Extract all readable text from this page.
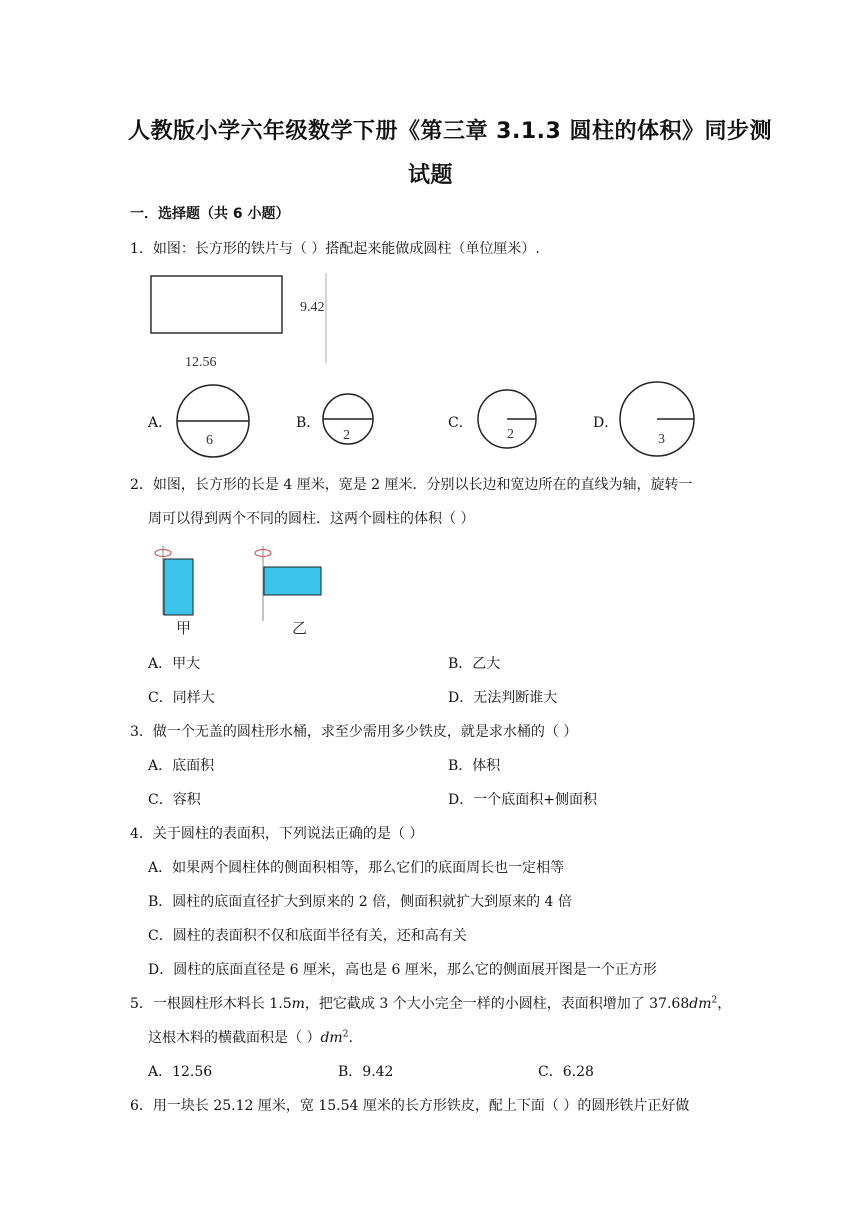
人教版小学六年级数学下册《第三章 3.1.3 圆柱的体积》同步测
试题
一．选择题（共 6 小题）
1．如图：长方形的铁片与（ ）搭配起来能做成圆柱（单位厘米）.
9.42
12.56
A．
6
B．
2
C．
2
D．
3
2．如图，长方形的长是 4 厘米，宽是 2 厘米．分别以长边和宽边所在的直线为轴，旋转一
周可以得到两个不同的圆柱．这两个圆柱的体积（ ）
甲	乙
A．甲大	B．乙大
C．同样大	D．无法判断谁大
3．做一个无盖的圆柱形水桶，求至少需用多少铁皮，就是求水桶的（ ）
A．底面积	B．体积
C．容积	D．一个底面积+侧面积
4．关于圆柱的表面积，下列说法正确的是（ ）
A．如果两个圆柱体的侧面积相等，那么它们的底面周长也一定相等
B．圆柱的底面直径扩大到原来的 2 倍，侧面积就扩大到原来的 4 倍
C．圆柱的表面积不仅和底面半径有关，还和高有关
D．圆柱的底面直径是 6 厘米，高也是 6 厘米，那么它的侧面展开图是一个正方形
5．一根圆柱形木料长 1.5m，把它截成 3 个大小完全一样的小圆柱，表面积增加了 $37.68dm^2$，
这根木料的横截面积是（ ）$dm^2$.
A．12.56	B．9.42	C．6.28
6．用一块长 25.12 厘米，宽 15.54 厘米的长方形铁皮，配上下面（ ）的圆形铁片正好做
